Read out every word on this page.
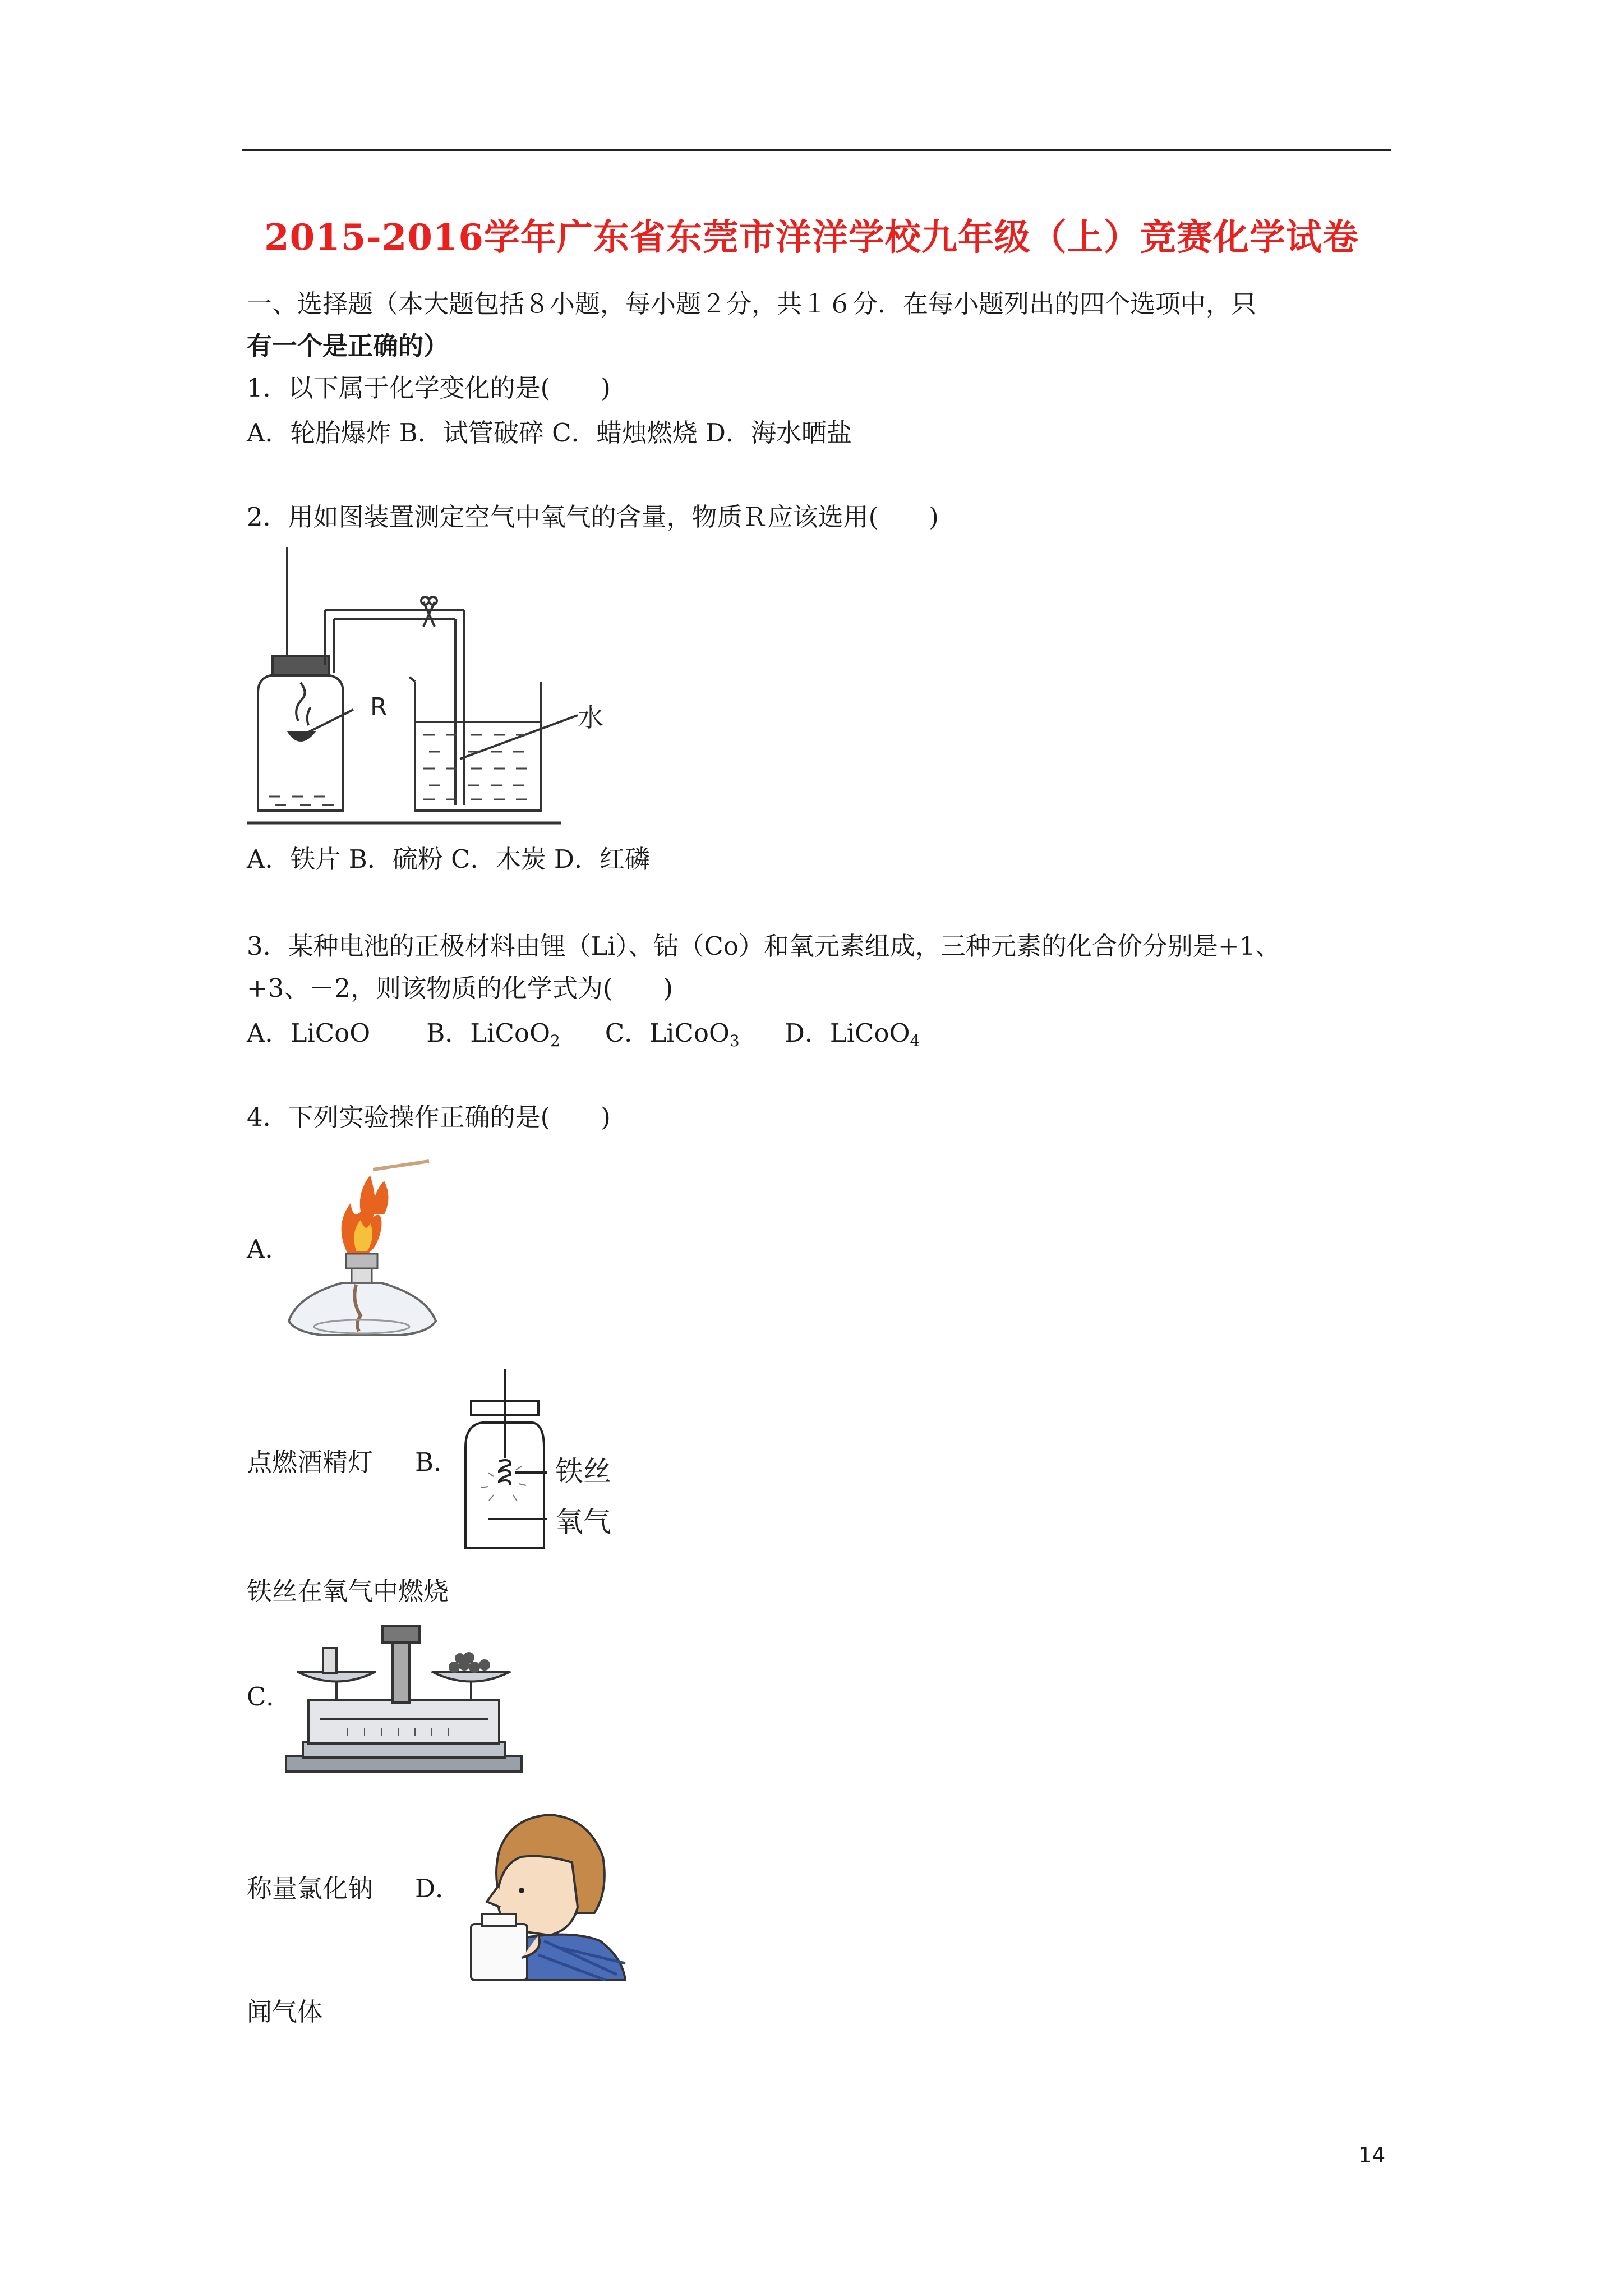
2015-2016学年广东省东莞市洋洋学校九年级（上）竞赛化学试卷
一、选择题（本大题包括８小题，每小题２分，共１６分．在每小题列出的四个选项中，只
有一个是正确的）
1．以下属于化学变化的是(　　)
A．轮胎爆炸 B．试管破碎 C．蜡烛燃烧 D．海水晒盐
2．用如图装置测定空气中氧气的含量，物质Ｒ应该选用(　　)
R	水
A．铁片 B．硫粉 C．木炭 D．红磷
3．某种电池的正极材料由锂（Li）、钴（Co）和氧元素组成，三种元素的化合价分别是+1、
+3、－2，则该物质的化学式为(　　)
A．LiCoO B．LiCoO$_2$ C．LiCoO$_3$ D．LiCoO$_4$
4．下列实验操作正确的是(　　)
A．
点燃酒精灯 B．	铁丝
氧气
铁丝在氧气中燃烧
C．
称量氯化钠 D．
闻气体
14
